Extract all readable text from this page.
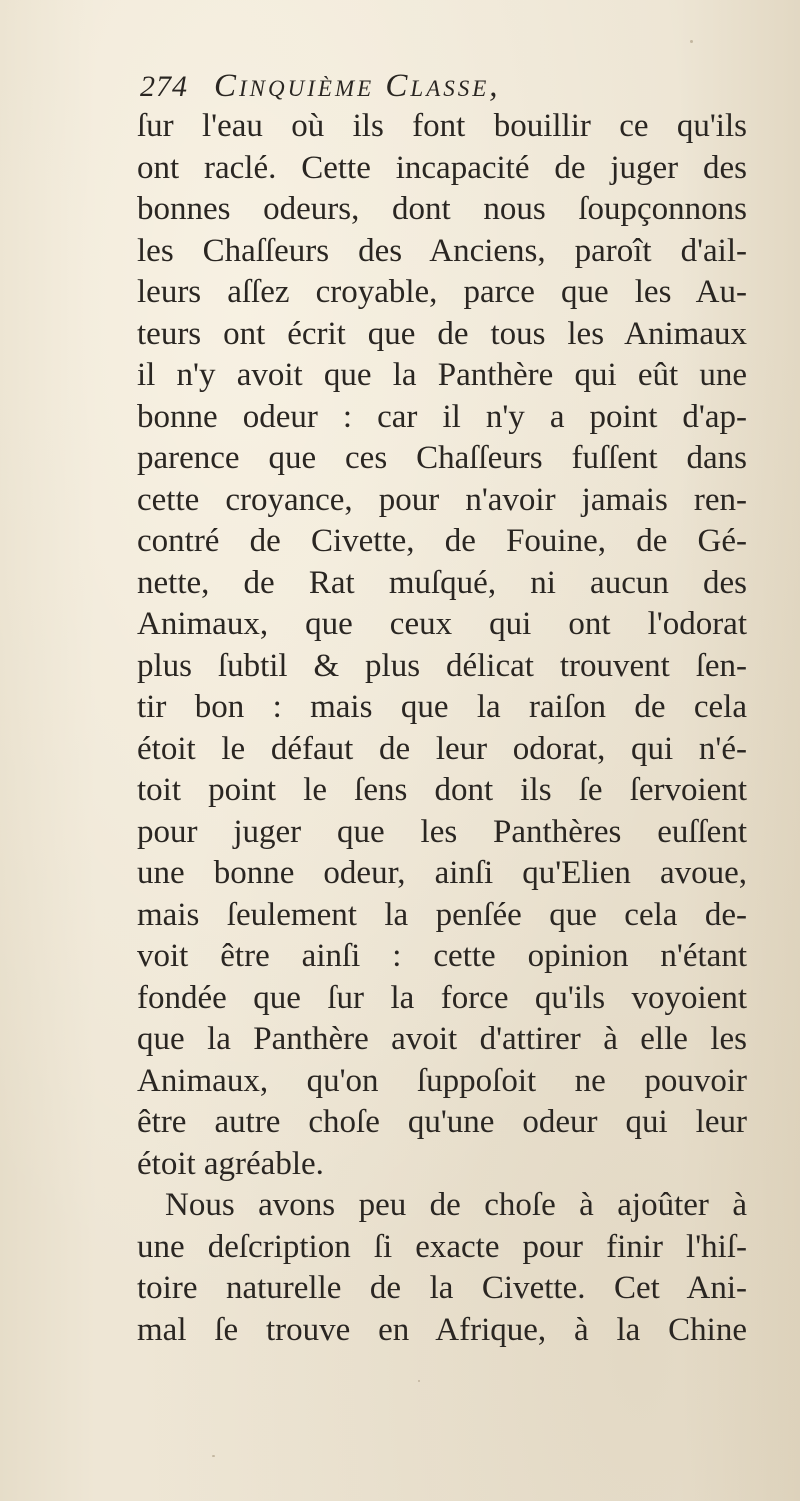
274 Cinquième Classe,
ſur l'eau où ils font bouillir ce qu'ils
ont raclé. Cette incapacité de juger des
bonnes odeurs, dont nous ſoupçonnons
les Chaſſeurs des Anciens, paroît d'ail-
leurs aſſez croyable, parce que les Au-
teurs ont écrit que de tous les Animaux
il n'y avoit que la Panthère qui eût une
bonne odeur : car il n'y a point d'ap-
parence que ces Chaſſeurs fuſſent dans
cette croyance, pour n'avoir jamais ren-
contré de Civette, de Fouine, de Gé-
nette, de Rat muſqué, ni aucun des
Animaux, que ceux qui ont l'odorat
plus ſubtil & plus délicat trouvent ſen-
tir bon : mais que la raiſon de cela
étoit le défaut de leur odorat, qui n'é-
toit point le ſens dont ils ſe ſervoient
pour juger que les Panthères euſſent
une bonne odeur, ainſi qu'Elien avoue,
mais ſeulement la penſée que cela de-
voit être ainſi : cette opinion n'étant
fondée que ſur la force qu'ils voyoient
que la Panthère avoit d'attirer à elle les
Animaux, qu'on ſuppoſoit ne pouvoir
être autre choſe qu'une odeur qui leur
étoit agréable.
Nous avons peu de choſe à ajoûter à
une deſcription ſi exacte pour finir l'hiſ-
toire naturelle de la Civette. Cet Ani-
mal ſe trouve en Afrique, à la Chine
